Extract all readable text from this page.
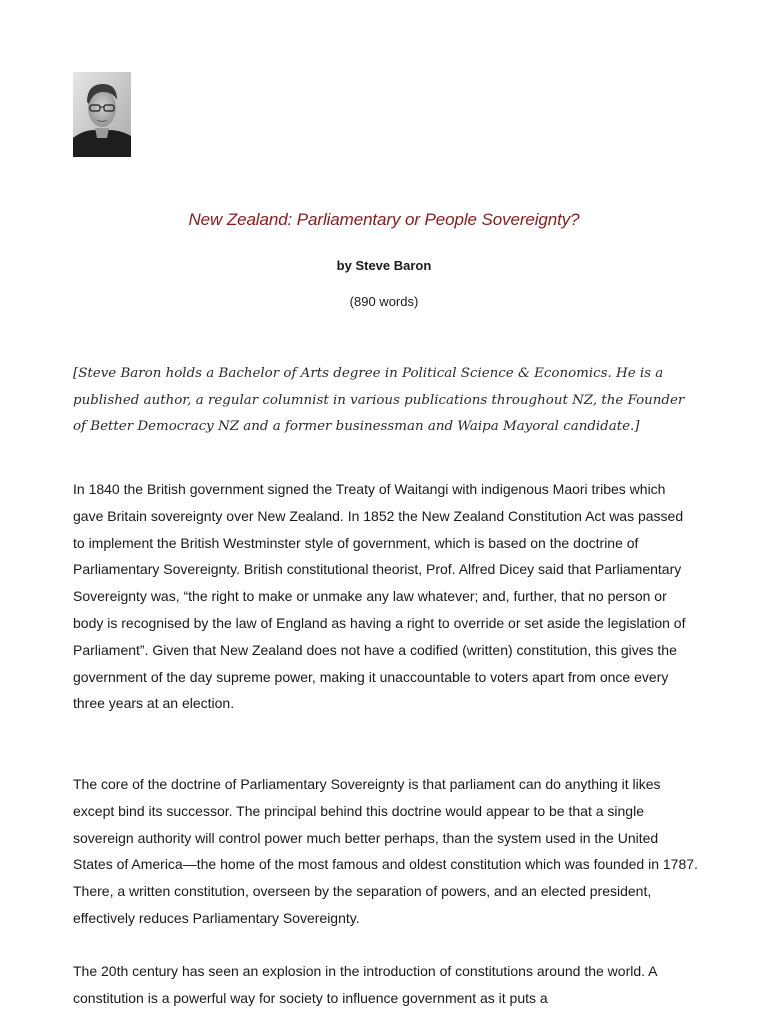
New Zealand: Parliamentary or People Sovereignty?

by Steve Baron

(890 words)

[Steve Baron holds a Bachelor of Arts degree in Political Science & Economics. He is a published author, a regular columnist in various publications throughout NZ, the Founder of Better Democracy NZ and a former businessman and Waipa Mayoral candidate.]

In 1840 the British government signed the Treaty of Waitangi with indigenous Maori tribes which gave Britain sovereignty over New Zealand. In 1852 the New Zealand Constitution Act was passed to implement the British Westminster style of government, which is based on the doctrine of Parliamentary Sovereignty. British constitutional theorist, Prof. Alfred Dicey said that Parliamentary Sovereignty was, “the right to make or unmake any law whatever; and, further, that no person or body is recognised by the law of England as having a right to override or set aside the legislation of Parliament”. Given that New Zealand does not have a codified (written) constitution, this gives the government of the day supreme power, making it unaccountable to voters apart from once every three years at an election.

The core of the doctrine of Parliamentary Sovereignty is that parliament can do anything it likes except bind its successor. The principal behind this doctrine would appear to be that a single sovereign authority will control power much better perhaps, than the system used in the United States of America—the home of the most famous and oldest constitution which was founded in 1787. There, a written constitution, overseen by the separation of powers, and an elected president, effectively reduces Parliamentary Sovereignty.

The 20th century has seen an explosion in the introduction of constitutions around the world. A constitution is a powerful way for society to influence government as it puts a
